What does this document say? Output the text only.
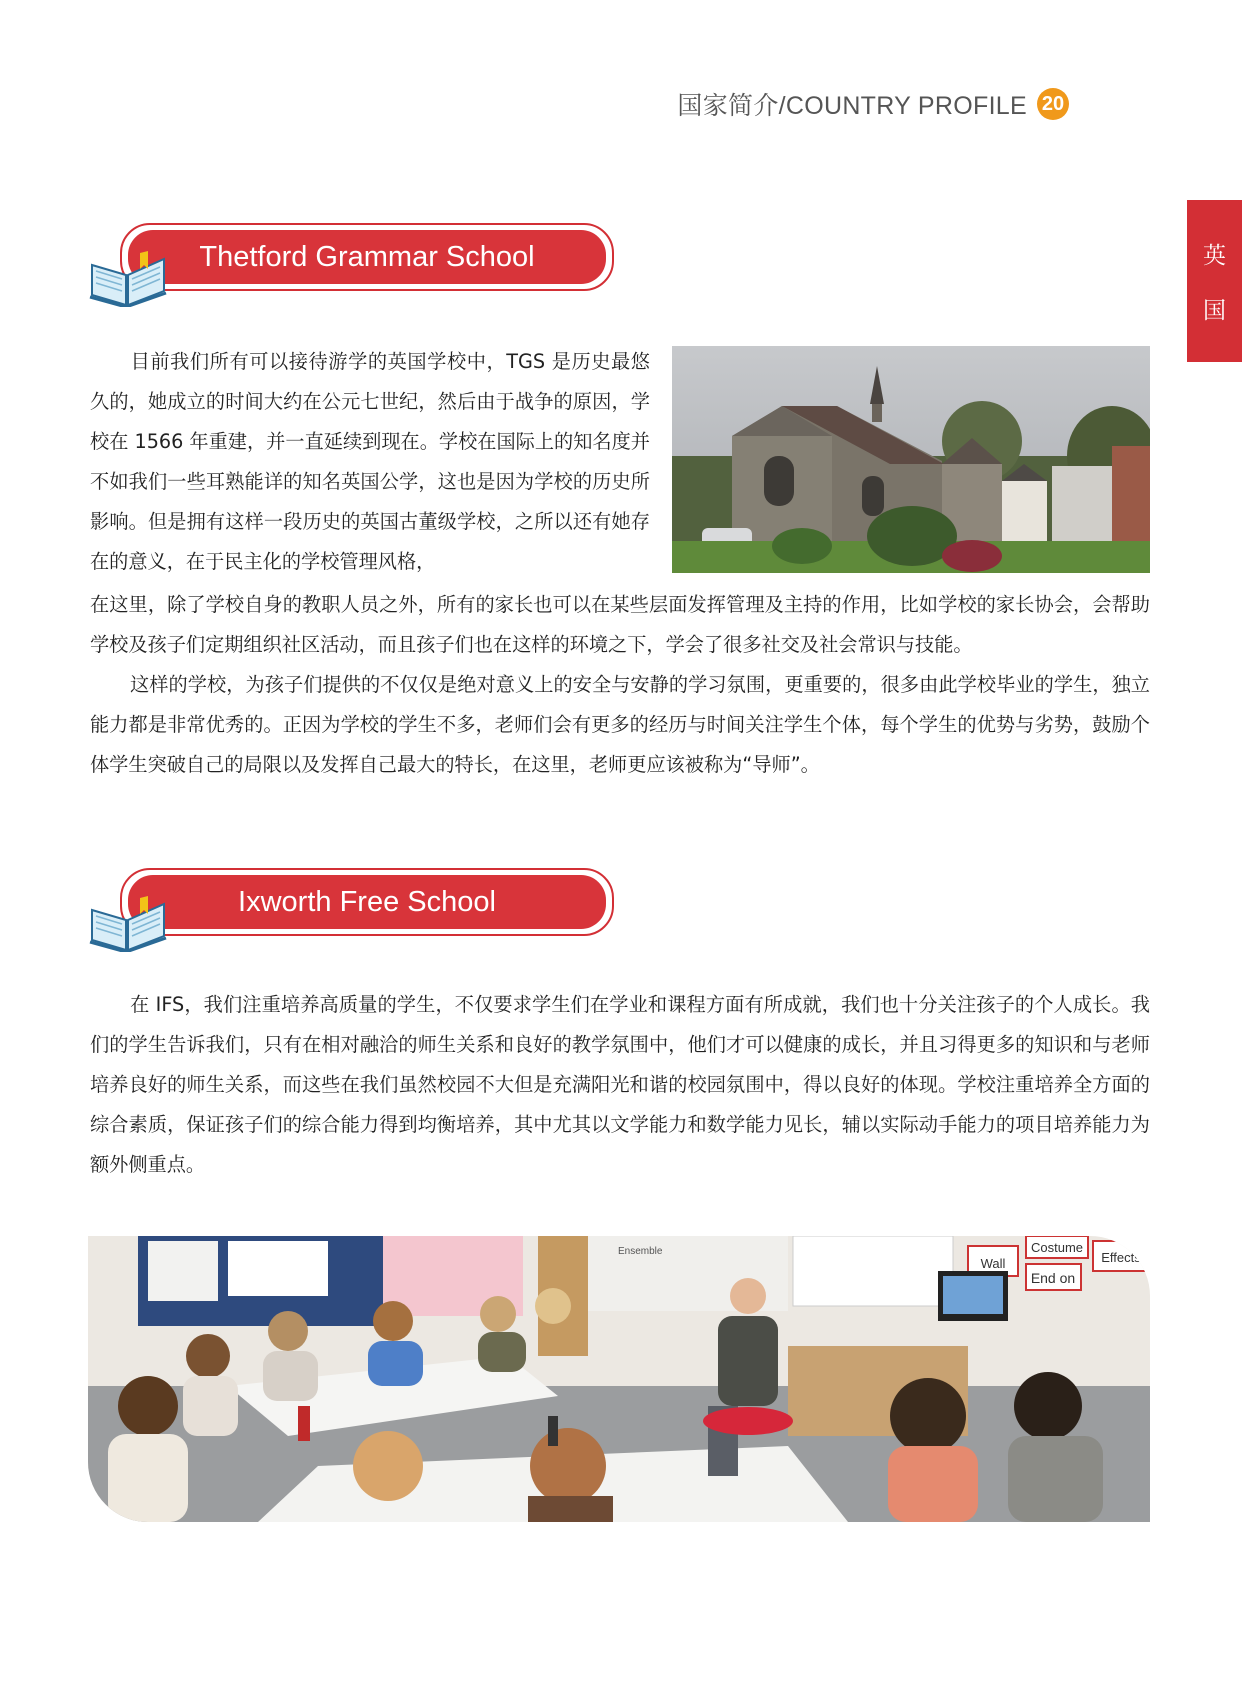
国家简介/COUNTRY PROFILE 20
英
国
Thetford Grammar School

目前我们所有可以接待游学的英国学校中，TGS 是历史最悠久的，她成立的时间大约在公元七世纪，然后由于战争的原因，学校在 1566 年重建，并一直延续到现在。学校在国际上的知名度并不如我们一些耳熟能详的知名英国公学，这也是因为学校的历史所影响。但是拥有这样一段历史的英国古董级学校，之所以还有她存在的意义，在于民主化的学校管理风格，

在这里，除了学校自身的教职人员之外，所有的家长也可以在某些层面发挥管理及主持的作用，比如学校的家长协会，会帮助学校及孩子们定期组织社区活动，而且孩子们也在这样的环境之下，学会了很多社交及社会常识与技能。

这样的学校，为孩子们提供的不仅仅是绝对意义上的安全与安静的学习氛围，更重要的，很多由此学校毕业的学生，独立能力都是非常优秀的。正因为学校的学生不多，老师们会有更多的经历与时间关注学生个体，每个学生的优势与劣势，鼓励个体学生突破自己的局限以及发挥自己最大的特长，在这里，老师更应该被称为“导师”。

Ixworth Free School

在 IFS，我们注重培养高质量的学生，不仅要求学生们在学业和课程方面有所成就，我们也十分关注孩子的个人成长。我们的学生告诉我们，只有在相对融洽的师生关系和良好的教学氛围中，他们才可以健康的成长，并且习得更多的知识和与老师培养良好的师生关系，而这些在我们虽然校园不大但是充满阳光和谐的校园氛围中，得以良好的体现。学校注重培养全方面的综合素质，保证孩子们的综合能力得到均衡培养，其中尤其以文学能力和数学能力见长，辅以实际动手能力的项目培养能力为额外侧重点。

Wall
Costume
End on
Effects
Ensemble
